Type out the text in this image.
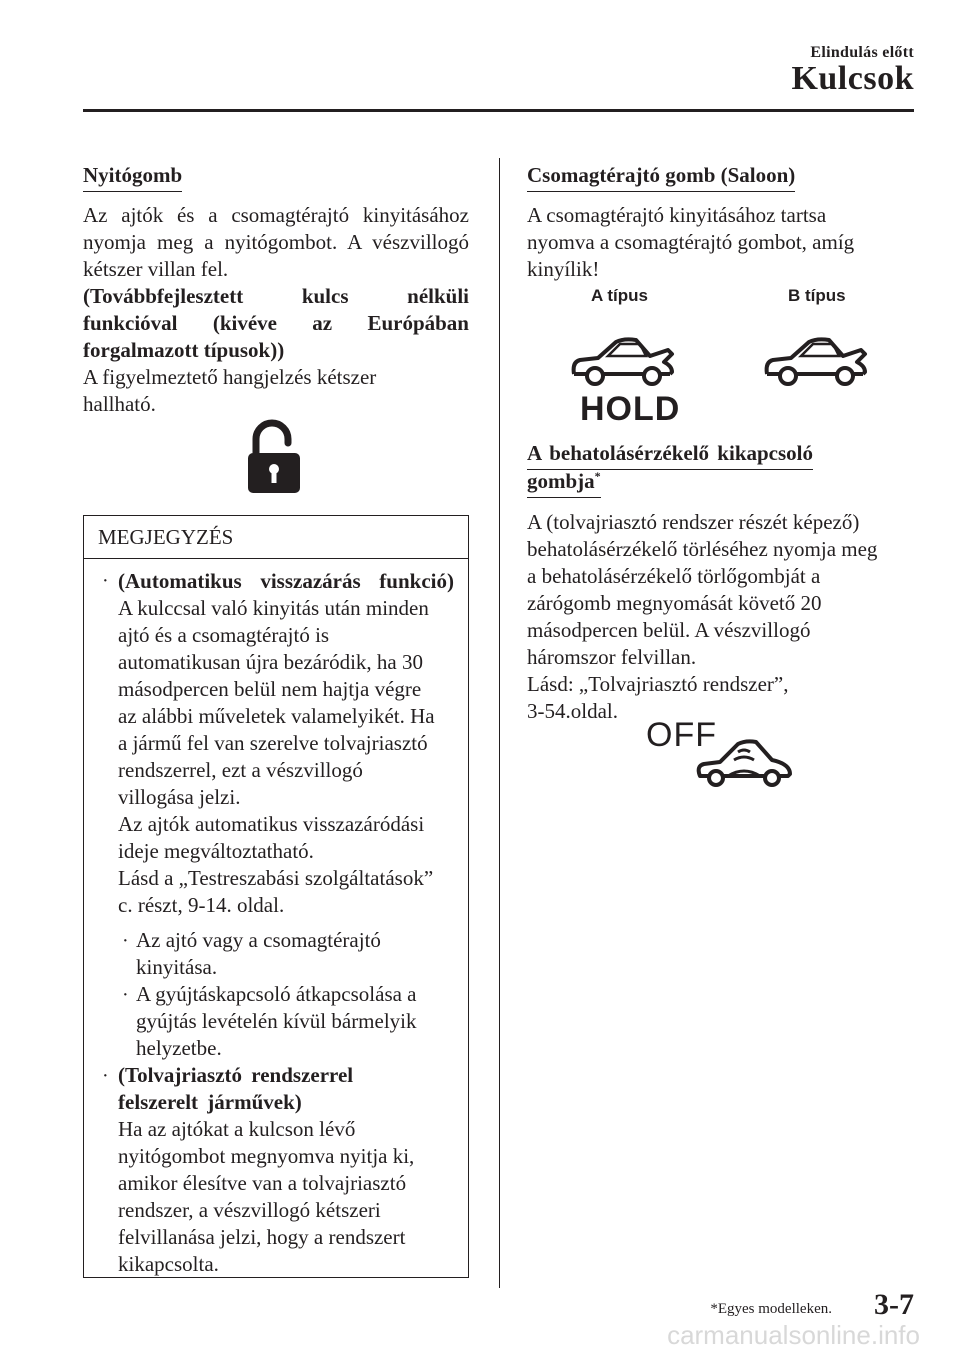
Elindulás előtt
Kulcsok
Nyitógomb
Az ajtók és a csomagtérajtó kinyitásához
nyomja meg a nyitógombot. A vészvillogó
kétszer villan fel.
(Továbbfejlesztett kulcs nélküli
funkcióval (kivéve az Európában
forgalmazott típusok))
A figyelmeztető hangjelzés kétszer
hallható.
MEGJEGYZÉS
· (Automatikus visszazárás funkció)
A kulccsal való kinyitás után minden
ajtó és a csomagtérajtó is
automatikusan újra bezáródik, ha 30
másodpercen belül nem hajtja végre
az alábbi műveletek valamelyikét. Ha
a jármű fel van szerelve tolvajriasztó
rendszerrel, ezt a vészvillogó
villogása jelzi.
Az ajtók automatikus visszazáródási
ideje megváltoztatható.
Lásd a „Testreszabási szolgáltatások”
c. részt, 9-14. oldal.
· Az ajtó vagy a csomagtérajtó
kinyitása.
· A gyújtáskapcsoló átkapcsolása a
gyújtás levételén kívül bármelyik
helyzetbe.
· (Tolvajriasztó rendszerrel
felszerelt járművek)
Ha az ajtókat a kulcson lévő
nyitógombot megnyomva nyitja ki,
amikor élesítve van a tolvajriasztó
rendszer, a vészvillogó kétszeri
felvillanása jelzi, hogy a rendszert
kikapcsolta.
Csomagtérajtó gomb (Saloon)
A csomagtérajtó kinyitásához tartsa
nyomva a csomagtérajtó gombot, amíg
kinyílik!
A típus	B típus
HOLD
A behatolásérzékelő kikapcsoló
gombja*
A (tolvajriasztó rendszer részét képező)
behatolásérzékelő törléséhez nyomja meg
a behatolásérzékelő törlőgombját a
zárógomb megnyomását követő 20
másodpercen belül. A vészvillogó
háromszor felvillan.
Lásd: „Tolvajriasztó rendszer”,
3-54.oldal.
OFF
*Egyes modelleken. 3-7
carmanualsonline.info
